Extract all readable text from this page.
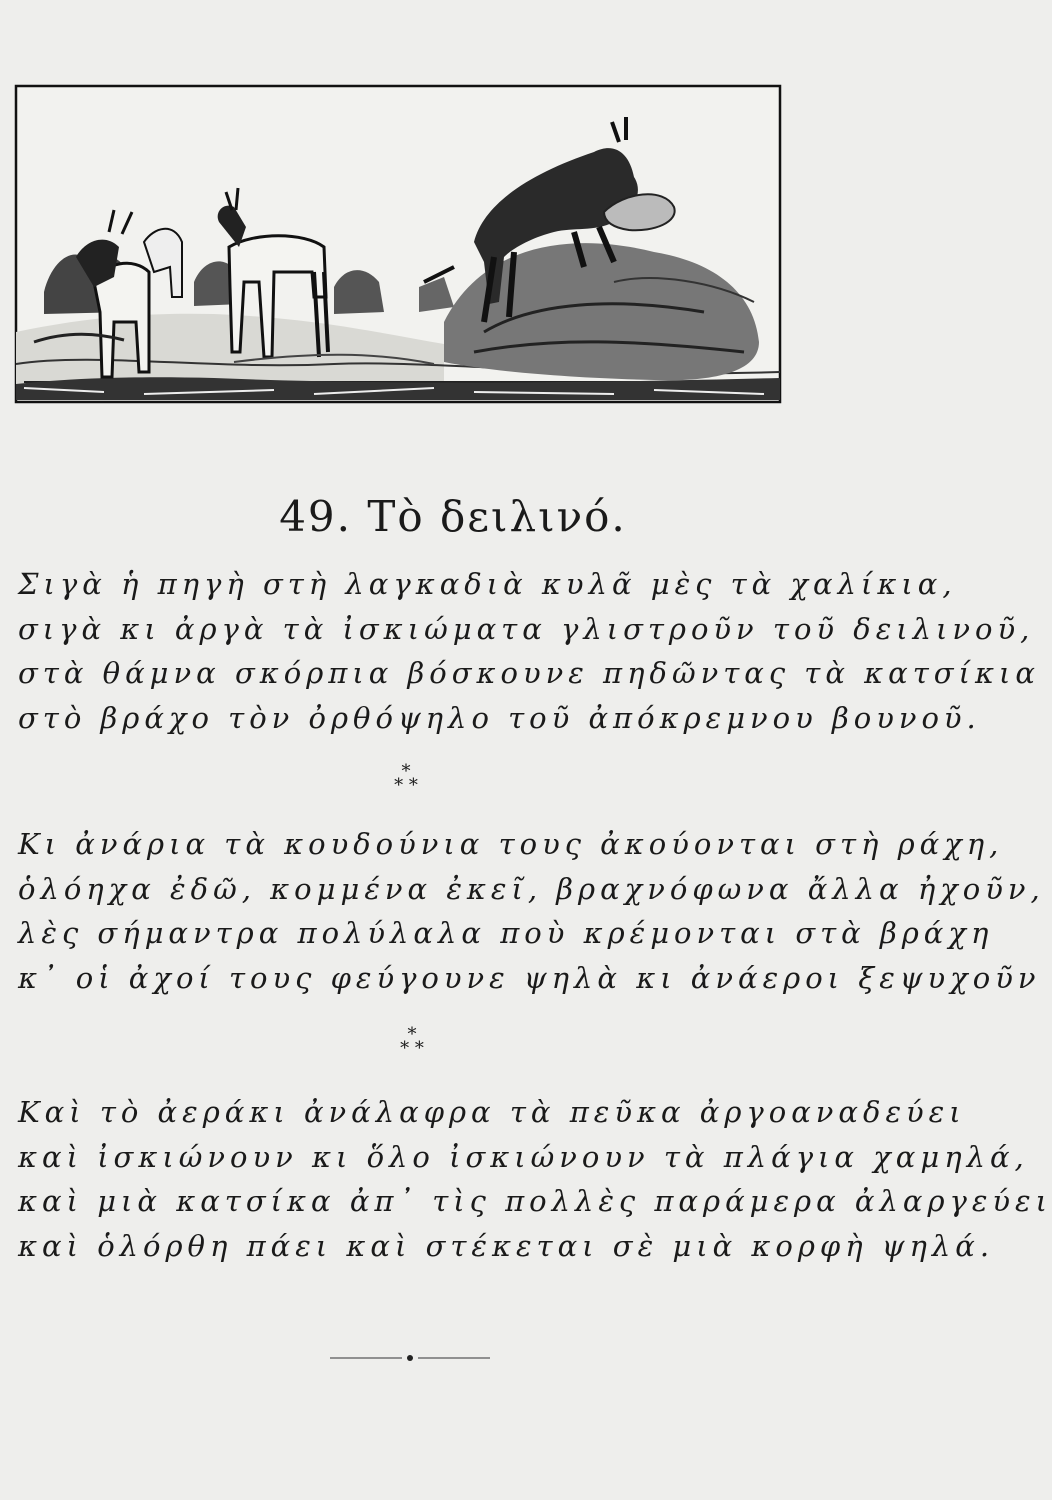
49. Τὸ δειλινό.
Σιγὰ ἡ πηγὴ στὴ λαγκαδιὰ κυλᾶ μὲς τὰ χαλίκια,
σιγὰ κι ἀργὰ τὰ ἰσκιώματα γλιστροῦν τοῦ δειλινοῦ,
στὰ θάμνα σκόρπια βόσκουνε πηδῶντας τὰ κατσίκια
στὸ βράχο τὸν ὀρθόψηλο τοῦ ἀπόκρεμνου βουνοῦ.
*
* *
Κι ἀνάρια τὰ κουδούνια τους ἀκούονται στὴ ράχη,
ὁλόηχα ἐδῶ, κομμένα ἐκεῖ, βραχνόφωνα ἄλλα ἠχοῦν,
λὲς σήμαντρα πολύλαλα ποὺ κρέμονται στὰ βράχη
κ᾽ οἱ ἀχοί τους φεύγουνε ψηλὰ κι ἀνάεροι ξεψυχοῦν
*
* *
Καὶ τὸ ἀεράκι ἀνάλαφρα τὰ πεῦκα ἀργοαναδεύει
καὶ ἰσκιώνουν κι ὅλο ἰσκιώνουν τὰ πλάγια χαμηλά,
καὶ μιὰ κατσίκα ἀπ᾽ τὶς πολλὲς παράμερα ἀλαργεύει
καὶ ὁλόρθη πάει καὶ στέκεται σὲ μιὰ κορφὴ ψηλά.
